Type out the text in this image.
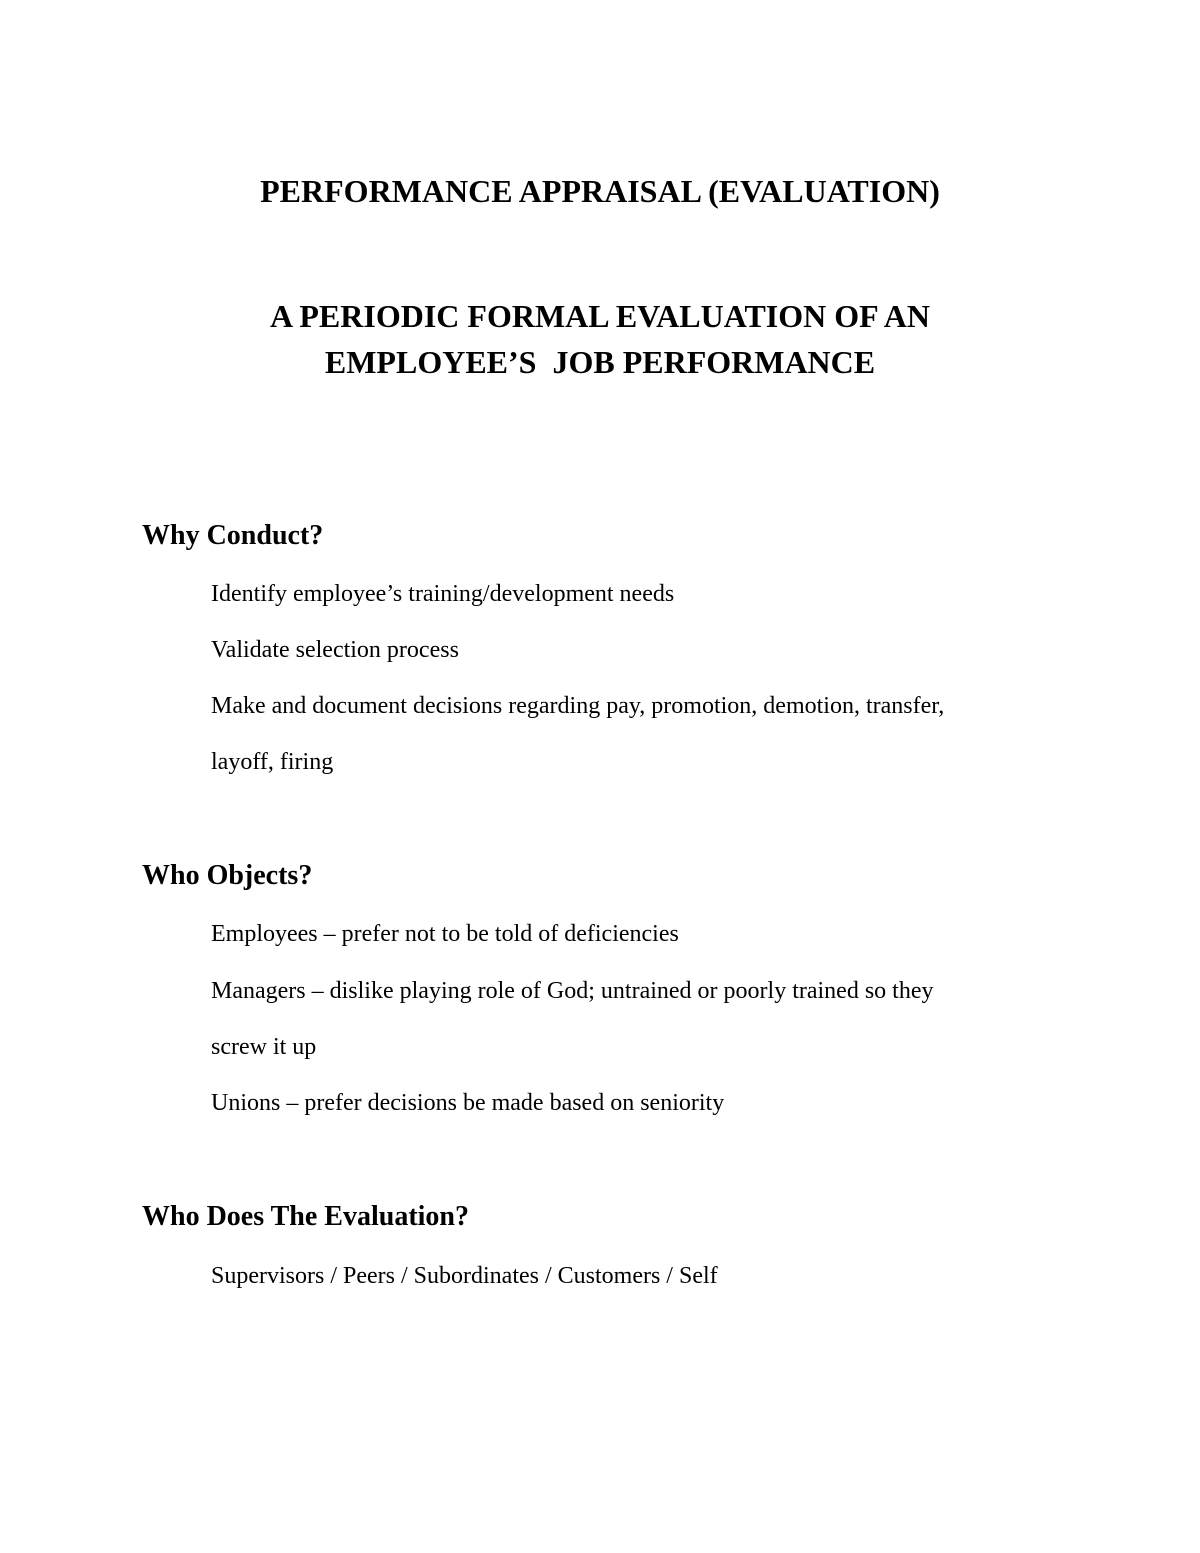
PERFORMANCE APPRAISAL (EVALUATION)
A PERIODIC FORMAL EVALUATION OF AN
EMPLOYEE’S  JOB PERFORMANCE
Why Conduct?

Identify employee’s training/development needs

Validate selection process

Make and document decisions regarding pay, promotion, demotion, transfer,

layoff, firing

Who Objects?

Employees – prefer not to be told of deficiencies

Managers – dislike playing role of God; untrained or poorly trained so they

screw it up

Unions – prefer decisions be made based on seniority

Who Does The Evaluation?

Supervisors / Peers / Subordinates / Customers / Self
